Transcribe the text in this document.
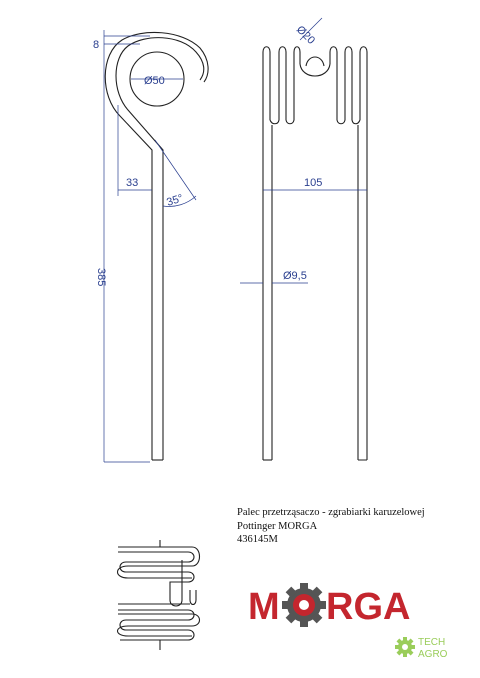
8
Ø50
33
35°
385
Ø20
105
Ø9,5
Palec przetrząsaczo - zgrabiarki karuzelowej
Pottinger MORGA
436145M
M RGA
TECH
AGRO
